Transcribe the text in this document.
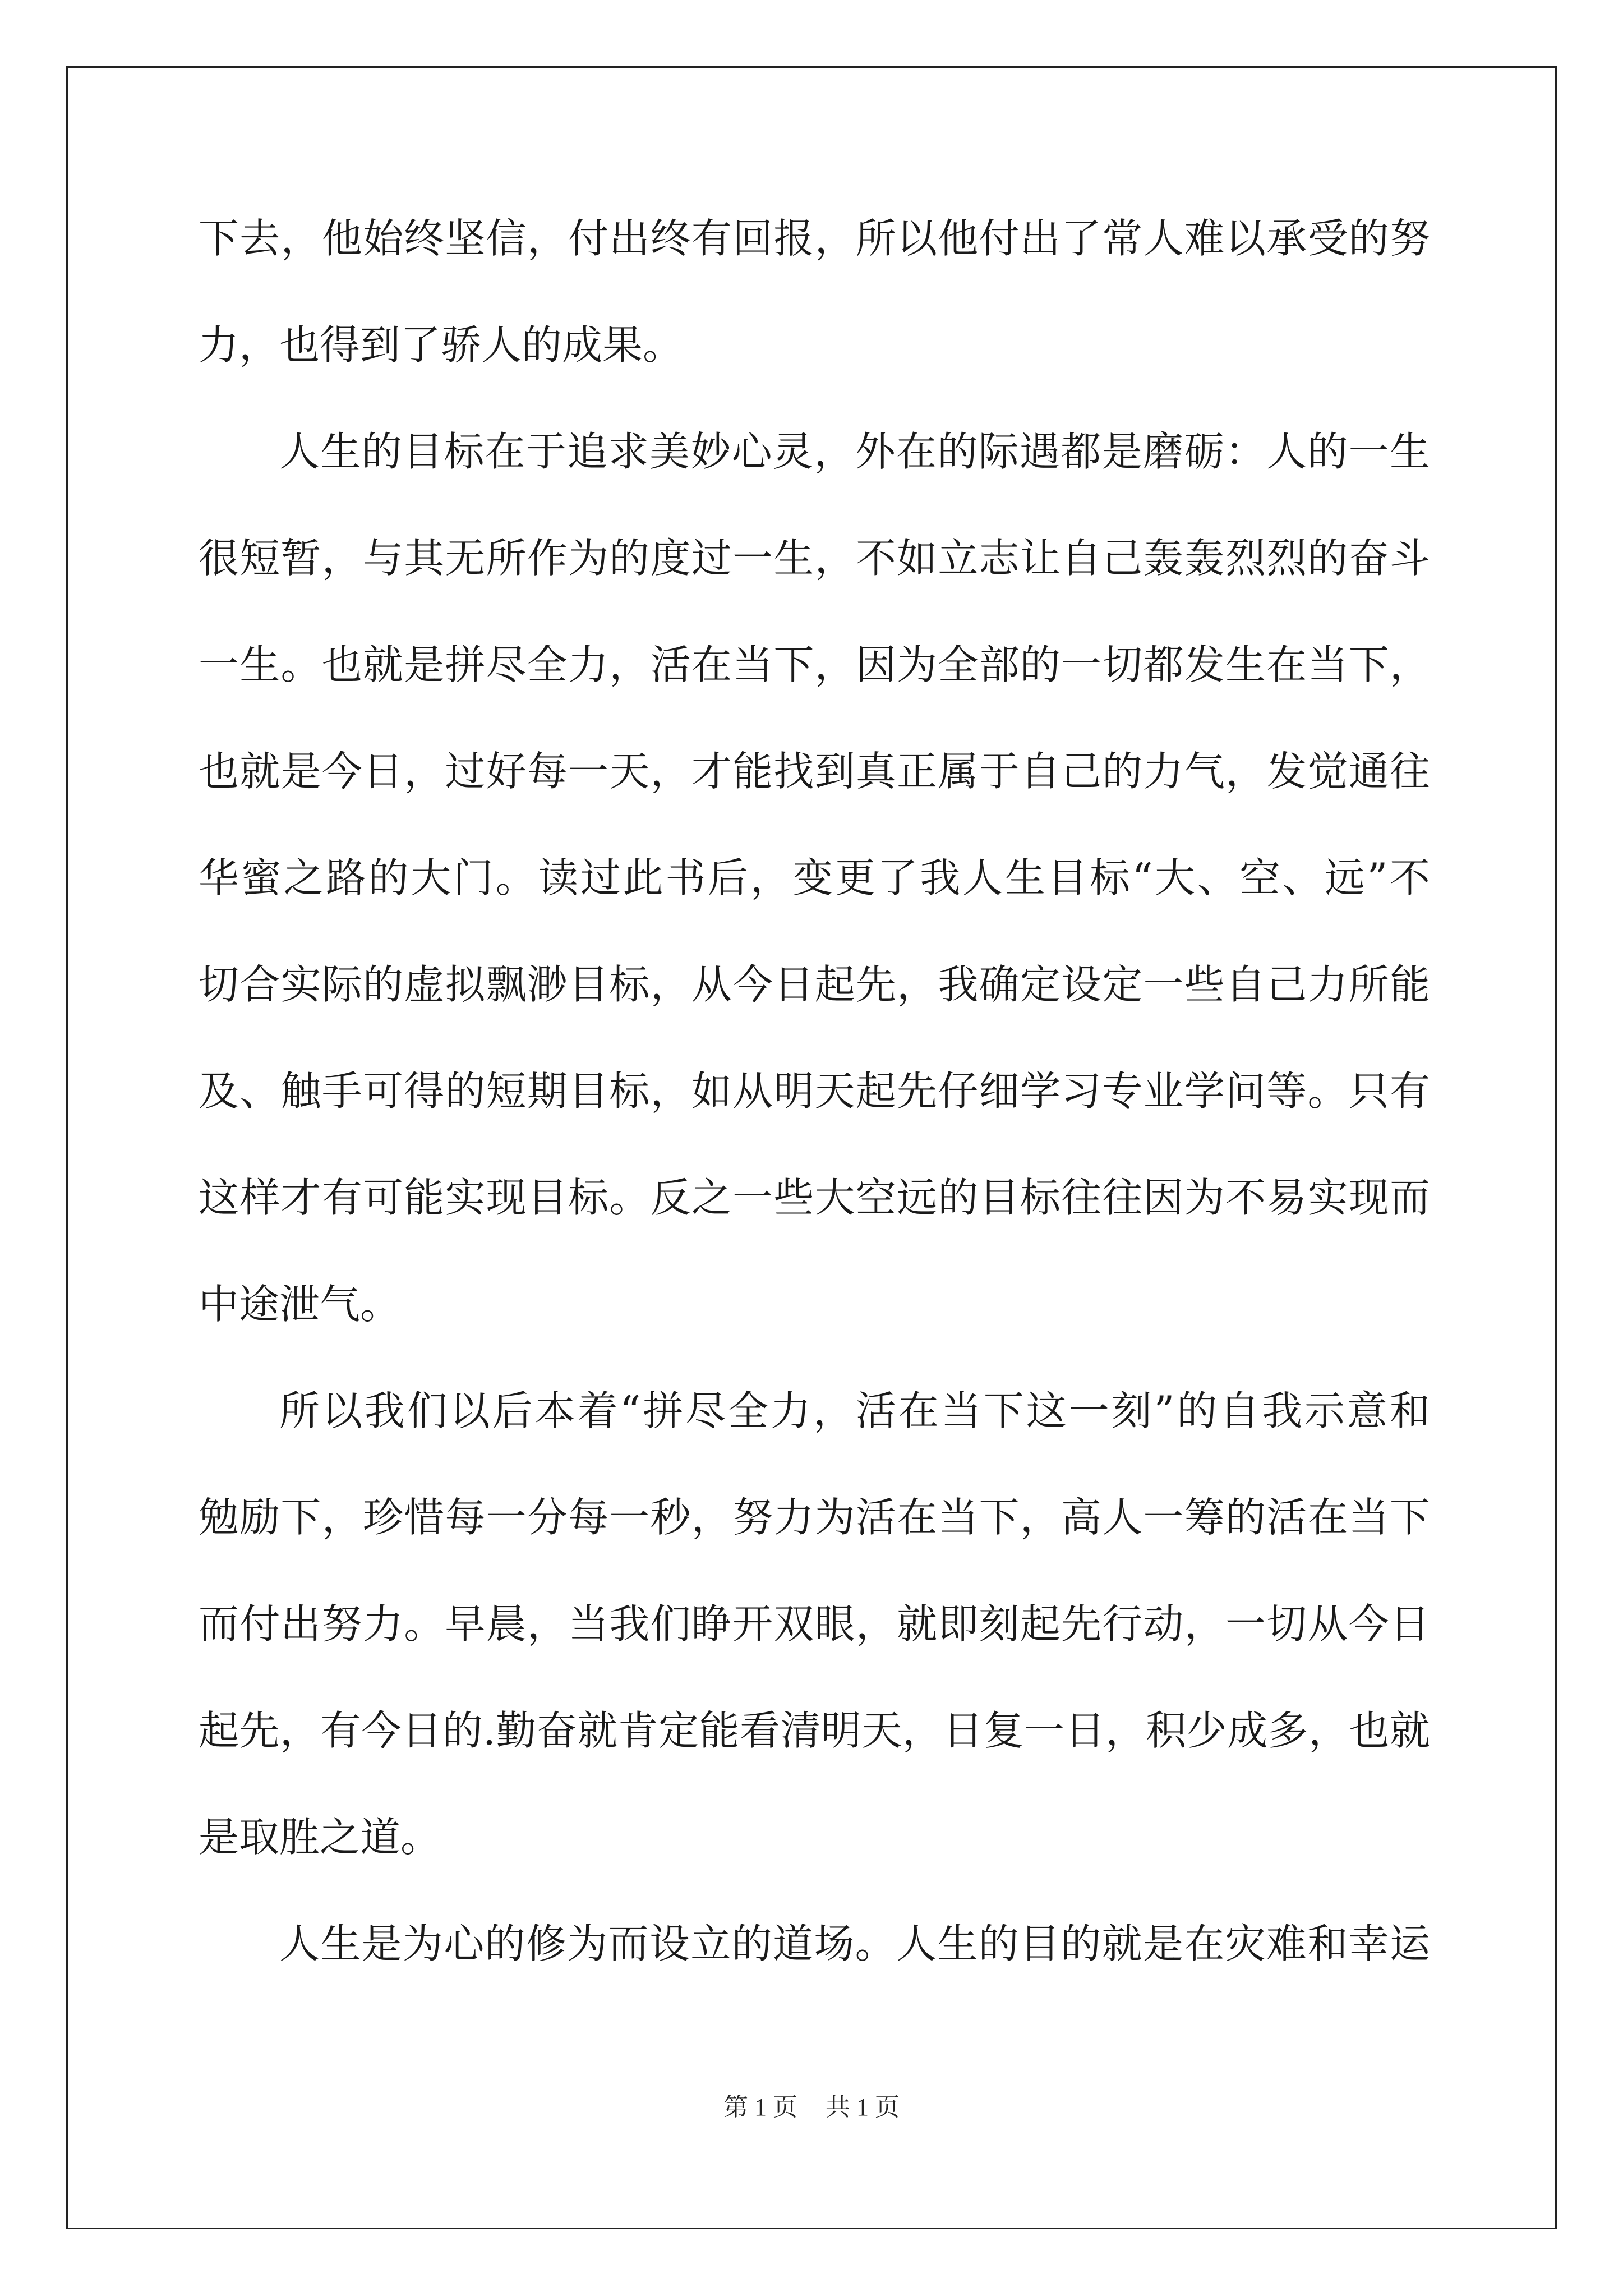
下去，他始终坚信，付出终有回报，所以他付出了常人难以承受的努
力，也得到了骄人的成果。
人生的目标在于追求美妙心灵，外在的际遇都是磨砺：人的一生
很短暂，与其无所作为的度过一生，不如立志让自己轰轰烈烈的奋斗
一生。也就是拼尽全力，活在当下，因为全部的一切都发生在当下，
也就是今日，过好每一天，才能找到真正属于自己的力气，发觉通往
华蜜之路的大门。读过此书后，变更了我人生目标“大、空、远”不
切合实际的虚拟飘渺目标，从今日起先，我确定设定一些自己力所能
及、触手可得的短期目标，如从明天起先仔细学习专业学问等。只有
这样才有可能实现目标。反之一些大空远的目标往往因为不易实现而
中途泄气。
所以我们以后本着“拼尽全力，活在当下这一刻”的自我示意和
勉励下，珍惜每一分每一秒，努力为活在当下，高人一筹的活在当下
而付出努力。早晨，当我们睁开双眼，就即刻起先行动，一切从今日
起先，有今日的.勤奋就肯定能看清明天，日复一日，积少成多，也就
是取胜之道。
人生是为心的修为而设立的道场。人生的目的就是在灾难和幸运
第 1 页 共 1 页
